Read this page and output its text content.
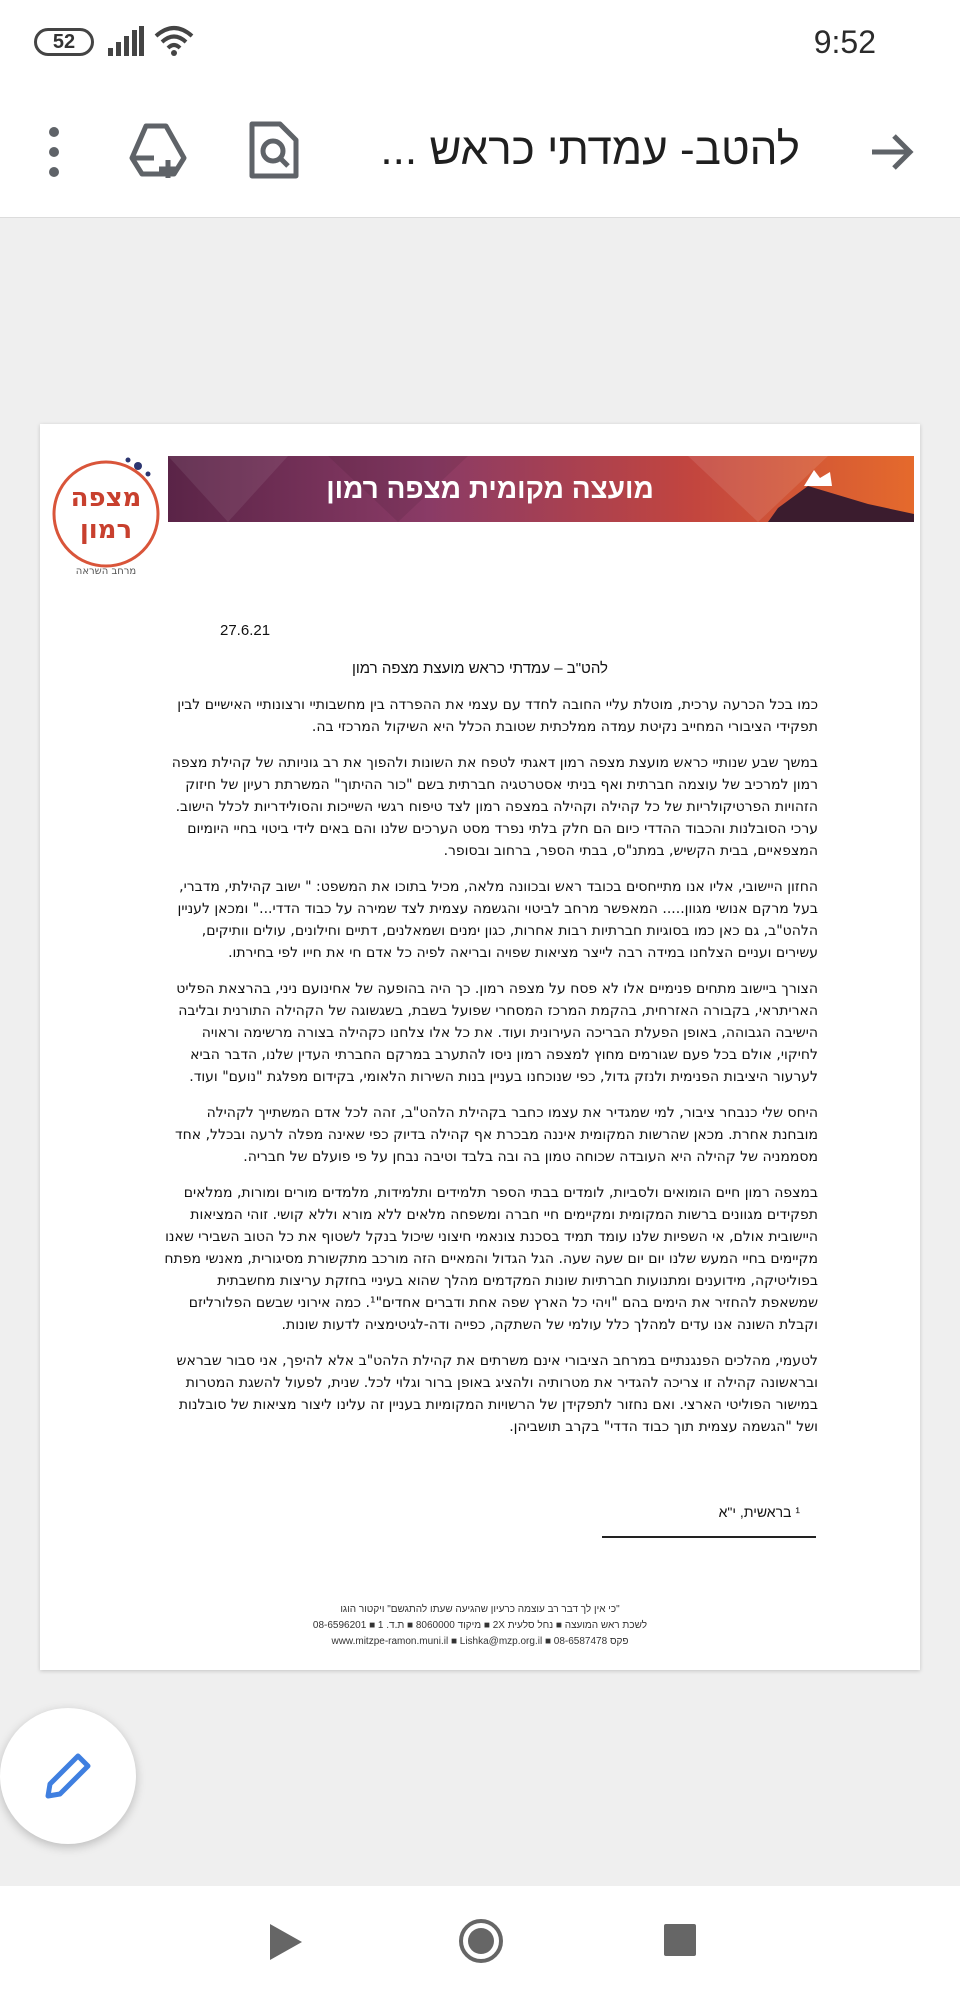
52	9:52
להטב- עמדתי כראש ...
מצפה
רמון
מרחב השראה
מועצה מקומית מצפה רמון
27.6.21
להט"ב – עמדתי כראש מועצת מצפה רמון

כמו בכל הכרעה ערכית, מוטלת עליי החובה לחדד עם עצמי את ההפרדה בין מחשבותיי ורצונותיי האישיים לבין תפקידי הציבורי המחייב נקיטת עמדה ממלכתית שטובת הכלל היא השיקול המרכזי בה.

במשך שבע שנותיי כראש מועצת מצפה רמון דאגתי לטפח את השונות ולהפוך את רב גוניותה של קהילת מצפה רמון למרכיב של עוצמה חברתית ואף בניתי אסטרטגיה חברתית בשם "כור ההיתוך" המשרתת רעיון של חיזוק הזהויות הפרטיקולריות של כל קהילה וקהילה במצפה רמון לצד טיפוח רגשי השייכות והסולידריות לכלל הישוב. ערכי הסובלנות והכבוד ההדדי כיום הם חלק בלתי נפרד מסט הערכים שלנו והם באים לידי ביטוי בחיי היומיום המצפאיים, בבית הקשיש, במתנ"ס, בבתי הספר, ברחוב ובסופר.

החזון היישובי, אליו אנו מתייחסים בכובד ראש ובכוונה מלאה, מכיל בתוכו את המשפט: " ישוב קהילתי, מדברי, בעל מרקם אנושי מגוון..... המאפשר מרחב לביטוי והגשמה עצמית לצד שמירה על כבוד הדדי..." ומכאן לעניין הלהט"ב, גם כאן כמו בסוגיות חברתיות רבות אחרות, כגון ימנים ושמאלנים, דתיים וחילונים, עולים וותיקים, עשירים ועניים הצלחנו במידה רבה לייצר מציאות שפויה ובריאה לפיה כל אדם חי את חייו לפי בחירתו.

הצורך ביישוב מתחים פנימיים אלו לא פסח על מצפה רמון. כך היה בהופעה של אחינועם ניני, בהרצאת הפליט האריתראי, בקבורה האזרחית, בהקמת המרכז המסחרי שפועל בשבת, בשגשוגה של הקהילה התורנית ובליבה הישיבה הגבוהה, באופן הפעלת הבריכה העירונית ועוד. את כל אלו צלחנו כקהילה בצורה מרשימה וראויה לחיקוי, אולם בכל פעם שגורמים מחוץ למצפה רמון ניסו להתערב במרקם החברתי העדין שלנו, הדבר הביא לערעור היציבות הפנימית ולנזק גדול, כפי שנוכחנו בעניין בנות השירות הלאומי, בקידום מפלגת "נועם" ועוד.

היחס שלי כנבחר ציבור, למי שמגדיר את עצמו כחבר בקהילת הלהט"ב, זהה לכל אדם המשתייך לקהילה מובחנת אחרת. מכאן שהרשות המקומית איננה מבכרת אף קהילה בדיוק כפי שאינה מפלה לרעה ובכלל, אחד מסממניה של קהילה היא העובדה שכוחה טמון בה ובה בלבד וטיבה נבחן על פי פועלם של חבריה.

במצפה רמון חיים הומואים ולסביות, לומדים בבתי הספר תלמידים ותלמידות, מלמדים מורים ומורות, ממלאים תפקידים מגוונים ברשות המקומית ומקיימים חיי חברה ומשפחה מלאים ללא מורא וללא קושי. זוהי המציאות היישובית אולם, אי השפיות שלנו עומד תמיד בסכנת צונאמי חיצוני שיכול בנקל לשטוף את כל הטוב השבירי שאנו מקיימים בחיי המעש שלנו יום יום שעה שעה. הגל הגדול והמאיים הזה מורכב מתקשורת מסיגורית, מאנשי מפתח בפוליטיקה, מידוענים ומתנועות חברתיות שונות המקדמים מהלך שהוא בעיניי בחזקת עריצות מחשבתית שמשאפת להחזיר את הימים בהם "ויהי כל הארץ שפה אחת ודברים אחדים"¹. כמה אירוני שבשם הפלורליזם וקבלת השונה אנו עדים למהלך כלל עולמי של השתקה, כפייה ודה-לגיטימציה לדעות שונות.

לטעמי, מהלכים הפנגנתיים במרחב הציבורי אינם משרתים את קהילת הלהט"ב אלא להיפך, אני סבור שבראש ובראשונה קהילה זו צריכה להגדיר את מטרותיה ולהציג באופן ברור וגלוי לכל. שנית, לפעול להשגת המטרות במישור הפוליטי הארצי. ואם נחזור לתפקידן של הרשויות המקומיות בעניין זה עלינו ליצור מציאות של סובלנות ושל "הגשמה עצמית תוך כבוד הדדי" בקרב תושביהן.

¹ בראשית, י"א
"כי אין לך דבר רב עוצמה כרעיון שהגיעה שעתו להתגשם" ויקטור הוגו
לשכת ראש המועצה ■ נחל סלעית 2X ■ מיקוד 8060000 ■ ת.ד. 1 ■ 08-6596201
פקס 08-6587478 ■ www.mitzpe-ramon.muni.il ■ Lishka@mzp.org.il
